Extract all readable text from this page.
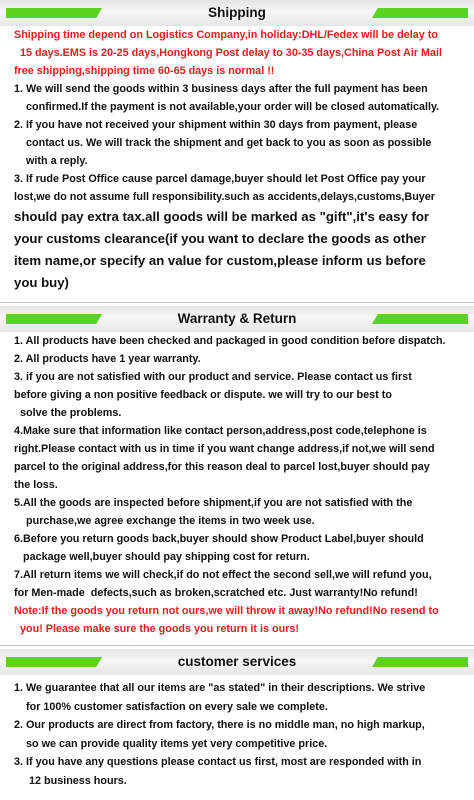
Shipping
Shipping time depend on Logistics Company,in holiday:DHL/Fedex will be delay to
15 days.EMS is 20-25 days,Hongkong Post delay to 30-35 days,China Post Air Mail
free shipping,shipping time 60-65 days is normal !!
1. We will send the goods within 3 business days after the full payment has been
confirmed.If the payment is not available,your order will be closed automatically.
2. If you have not received your shipment within 30 days from payment, please
contact us. We will track the shipment and get back to you as soon as possible
with a reply.
3. If rude Post Office cause parcel damage,buyer should let Post Office pay your
lost,we do not assume full responsibility.such as accidents,delays,customs,Buyer
should pay extra tax.all goods will be marked as "gift",it's easy for
your customs clearance(if you want to declare the goods as other
item name,or specify an value for custom,please inform us before
you buy)
Warranty & Return
1. All products have been checked and packaged in good condition before dispatch.
2. All products have 1 year warranty.
3. if you are not satisfied with our product and service. Please contact us first
before giving a non positive feedback or dispute. we will try to our best to
solve the problems.
4.Make sure that information like contact person,address,post code,telephone is
right.Please contact with us in time if you want change address,if not,we will send
parcel to the original address,for this reason deal to parcel lost,buyer should pay
the loss.
5.All the goods are inspected before shipment,if you are not satisfied with the
purchase,we agree exchange the items in two week use.
6.Before you return goods back,buyer should show Product Label,buyer should
package well,buyer should pay shipping cost for return.
7.All return items we will check,if do not effect the second sell,we will refund you,
for Men-made  defects,such as broken,scratched etc. Just warranty!No refund!
Note:If the goods you return not ours,we will throw it away!No refund!No resend to
you! Please make sure the goods you return it is ours!
customer services
1. We guarantee that all our items are "as stated" in their descriptions. We strive
for 100% customer satisfaction on every sale we complete.
2. Our products are direct from factory, there is no middle man, no high markup,
so we can provide quality items yet very competitive price.
3. If you have any questions please contact us first, most are responded with in
12 business hours.
